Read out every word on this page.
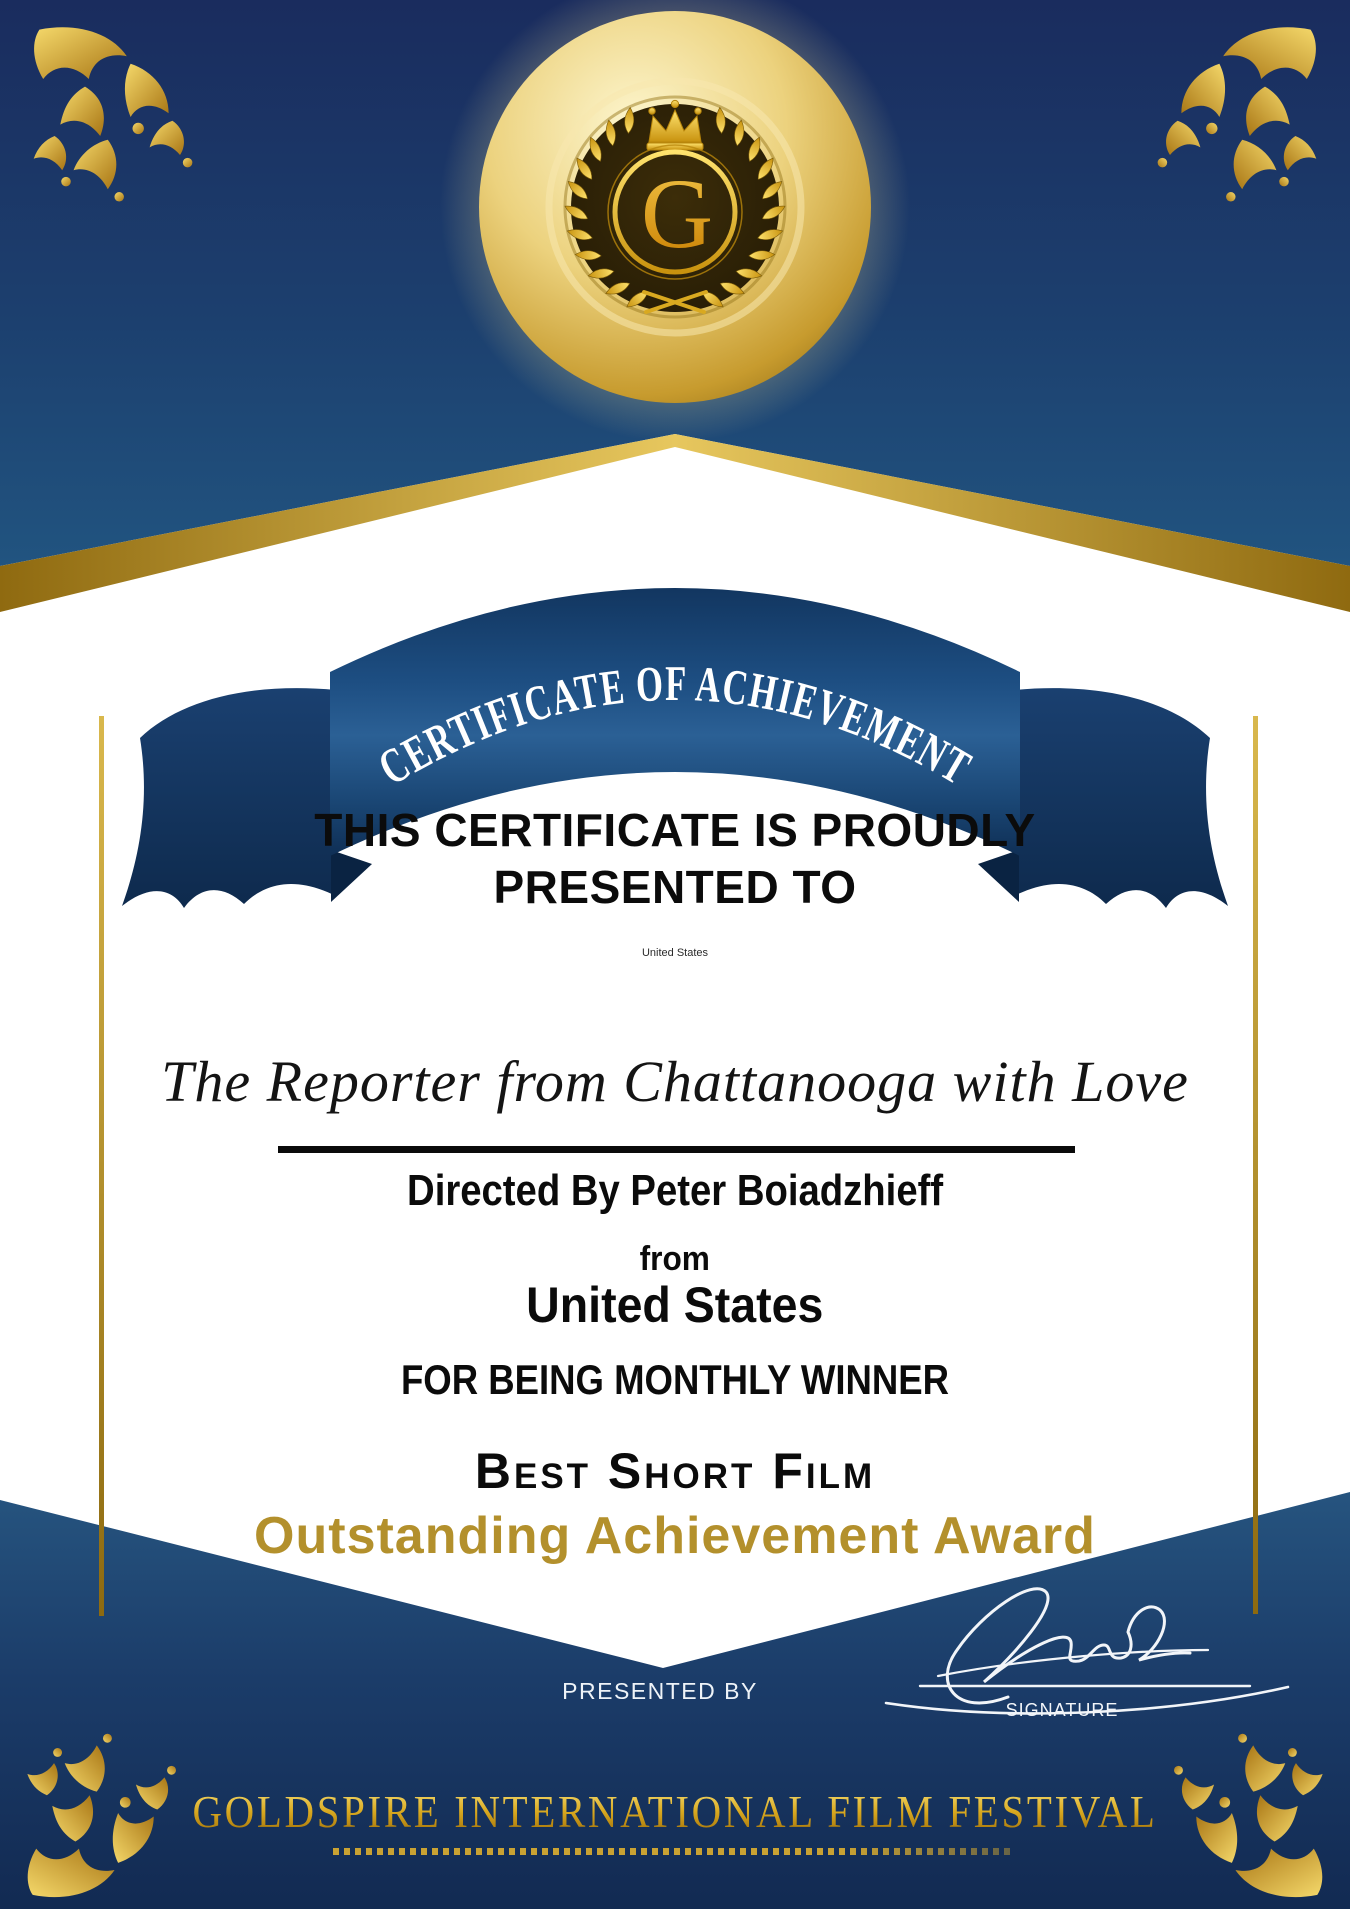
G
CERTIFICATE OF ACHIEVEMENT
GOLDSPIRE INTERNATIONAL FILM FESTIVAL
THIS CERTIFICATE IS PROUDLY
PRESENTED TO
United States
The Reporter from Chattanooga with Love
Directed By Peter Boiadzhieff
from
United States
FOR BEING MONTHLY WINNER
Best Short Film
Outstanding Achievement Award
PRESENTED BY
SIGNATURE
